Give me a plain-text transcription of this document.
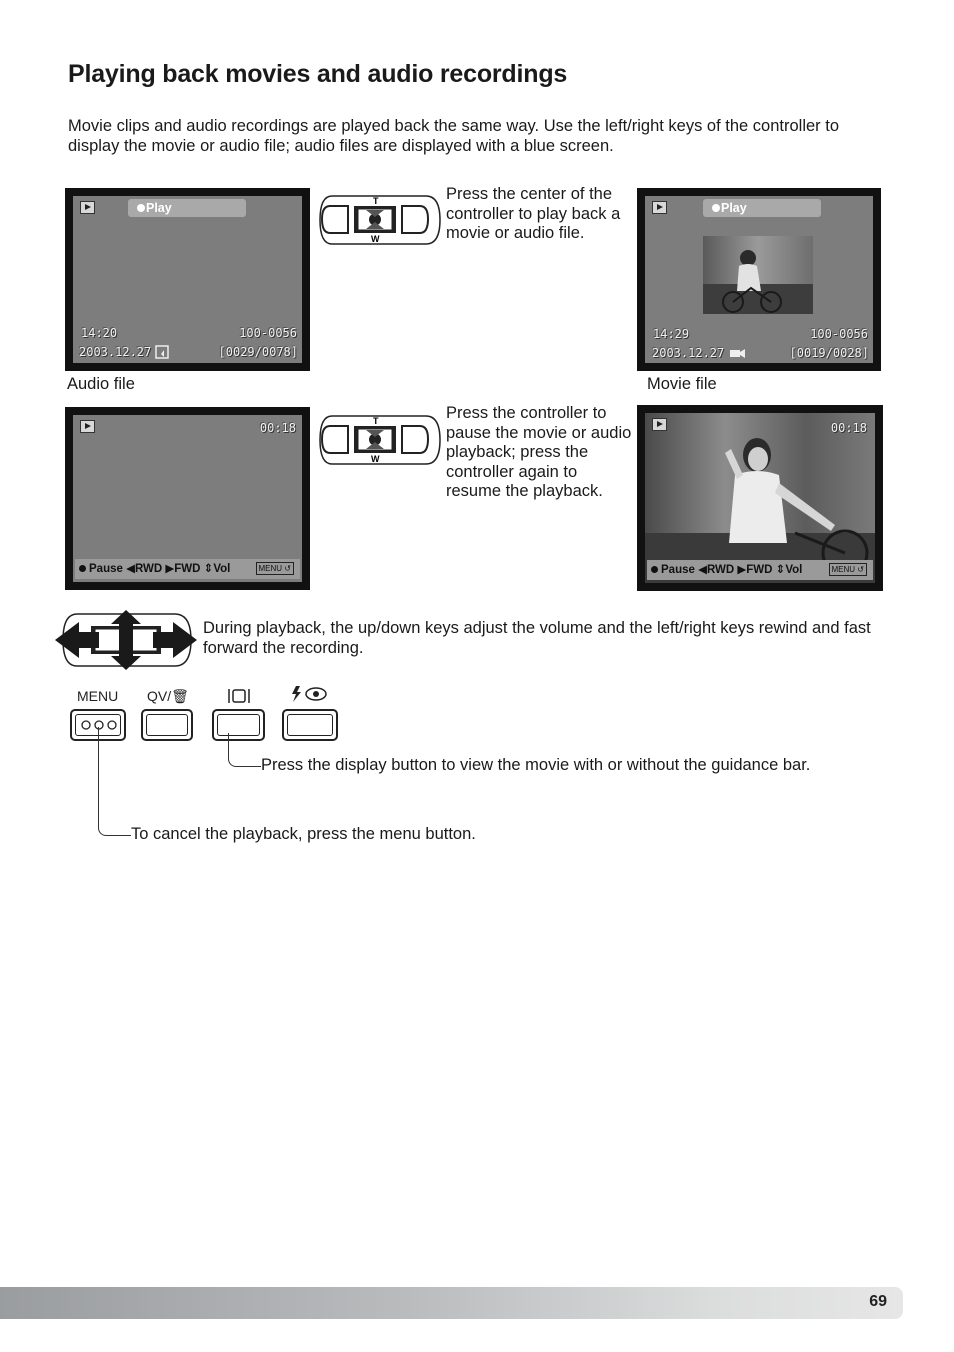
Playing back movies and audio recordings
Movie clips and audio recordings are played back the same way. Use the left/right keys of the controller to display the movie or audio file; audio files are displayed with a blue screen.
Play
14:20	100-0056
2003.12.27	[0029/0078]
Audio file
T
W
Press the center of the controller to play back a movie or audio file.
Play
14:29	100-0056
2003.12.27	[0019/0028]
Movie file
00:18
Pause ◀RWD ▶FWD ⇕Vol	MENU ↺
T
W
Press the controller to pause the movie or audio playback; press the controller again to resume the playback.
00:18
Pause ◀RWD ▶FWD ⇕Vol	MENU ↺
During playback, the up/down keys adjust the volume and the left/right keys rewind and fast forward the recording.
MENU QV/🗑
Press the display button to view the movie with or without the guidance bar.
To cancel the playback, press the menu button.
69
